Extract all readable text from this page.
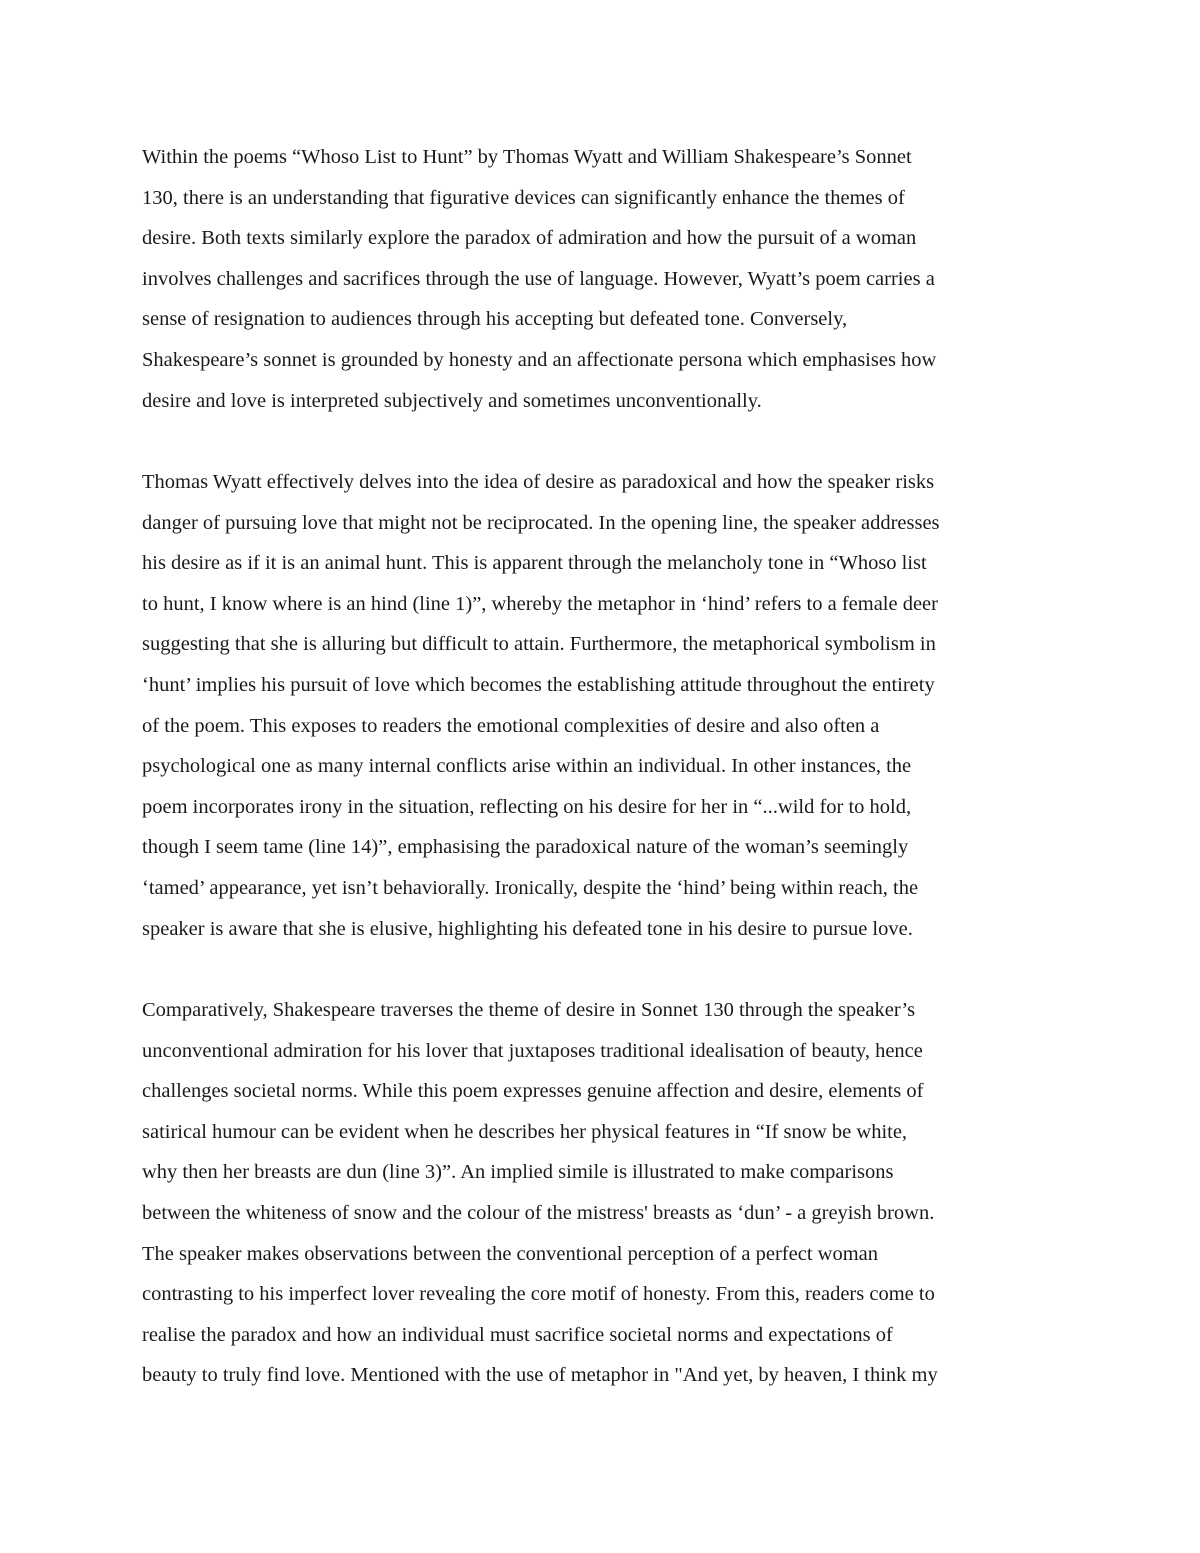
Within the poems “Whoso List to Hunt” by Thomas Wyatt and William Shakespeare’s Sonnet
130, there is an understanding that figurative devices can significantly enhance the themes of
desire. Both texts similarly explore the paradox of admiration and how the pursuit of a woman
involves challenges and sacrifices through the use of language. However, Wyatt’s poem carries a
sense of resignation to audiences through his accepting but defeated tone. Conversely,
Shakespeare’s sonnet is grounded by honesty and an affectionate persona which emphasises how
desire and love is interpreted subjectively and sometimes unconventionally.
Thomas Wyatt effectively delves into the idea of desire as paradoxical and how the speaker risks
danger of pursuing love that might not be reciprocated. In the opening line, the speaker addresses
his desire as if it is an animal hunt. This is apparent through the melancholy tone in “Whoso list
to hunt, I know where is an hind (line 1)”, whereby the metaphor in ‘hind’ refers to a female deer
suggesting that she is alluring but difficult to attain. Furthermore, the metaphorical symbolism in
‘hunt’ implies his pursuit of love which becomes the establishing attitude throughout the entirety
of the poem. This exposes to readers the emotional complexities of desire and also often a
psychological one as many internal conflicts arise within an individual. In other instances, the
poem incorporates irony in the situation, reflecting on his desire for her in “...wild for to hold,
though I seem tame (line 14)”, emphasising the paradoxical nature of the woman’s seemingly
‘tamed’ appearance, yet isn’t behaviorally. Ironically, despite the ‘hind’ being within reach, the
speaker is aware that she is elusive, highlighting his defeated tone in his desire to pursue love.
Comparatively, Shakespeare traverses the theme of desire in Sonnet 130 through the speaker’s
unconventional admiration for his lover that juxtaposes traditional idealisation of beauty, hence
challenges societal norms. While this poem expresses genuine affection and desire, elements of
satirical humour can be evident when he describes her physical features in “If snow be white,
why then her breasts are dun (line 3)”. An implied simile is illustrated to make comparisons
between the whiteness of snow and the colour of the mistress' breasts as ‘dun’ - a greyish brown.
The speaker makes observations between the conventional perception of a perfect woman
contrasting to his imperfect lover revealing the core motif of honesty. From this, readers come to
realise the paradox and how an individual must sacrifice societal norms and expectations of
beauty to truly find love. Mentioned with the use of metaphor in "And yet, by heaven, I think my
